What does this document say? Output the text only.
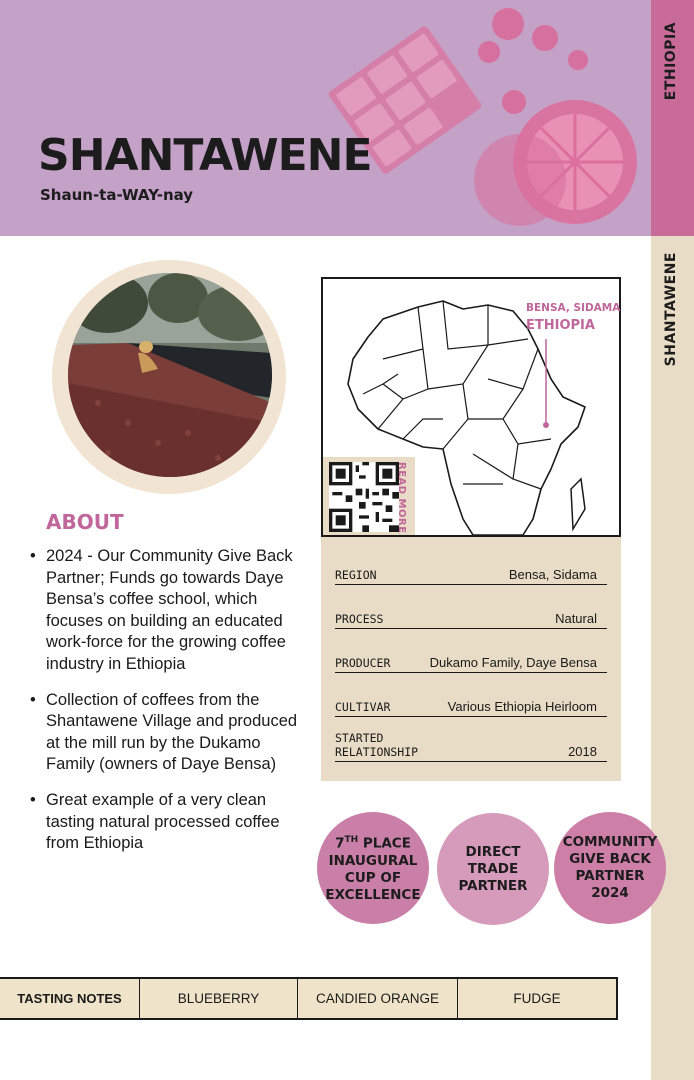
SHANTAWENE
Shaun-ta-WAY-nay
ETHIOPIA
SHANTAWENE
ABOUT
• 2024 - Our Community Give Back Partner; Funds go towards Daye Bensa’s coffee school, which focuses on building an educated work-force for the growing coffee industry in Ethiopia
• Collection of coffees from the Shantawene Village and produced at the mill run by the Dukamo Family (owners of Daye Bensa)
• Great example of a very clean tasting natural processed coffee from Ethiopia
BENSA, SIDAMA
ETHIOPIA
READ MORE
REGION	Bensa, Sidama
PROCESS	Natural
PRODUCER	Dukamo Family, Daye Bensa
CULTIVAR	Various Ethiopia Heirloom
STARTED
RELATIONSHIP	2018
7TH PLACE
INAUGURAL
CUP OF
EXCELLENCE
DIRECT
TRADE
PARTNER
COMMUNITY
GIVE BACK
PARTNER
2024
TASTING NOTES	BLUEBERRY	CANDIED ORANGE	FUDGE
